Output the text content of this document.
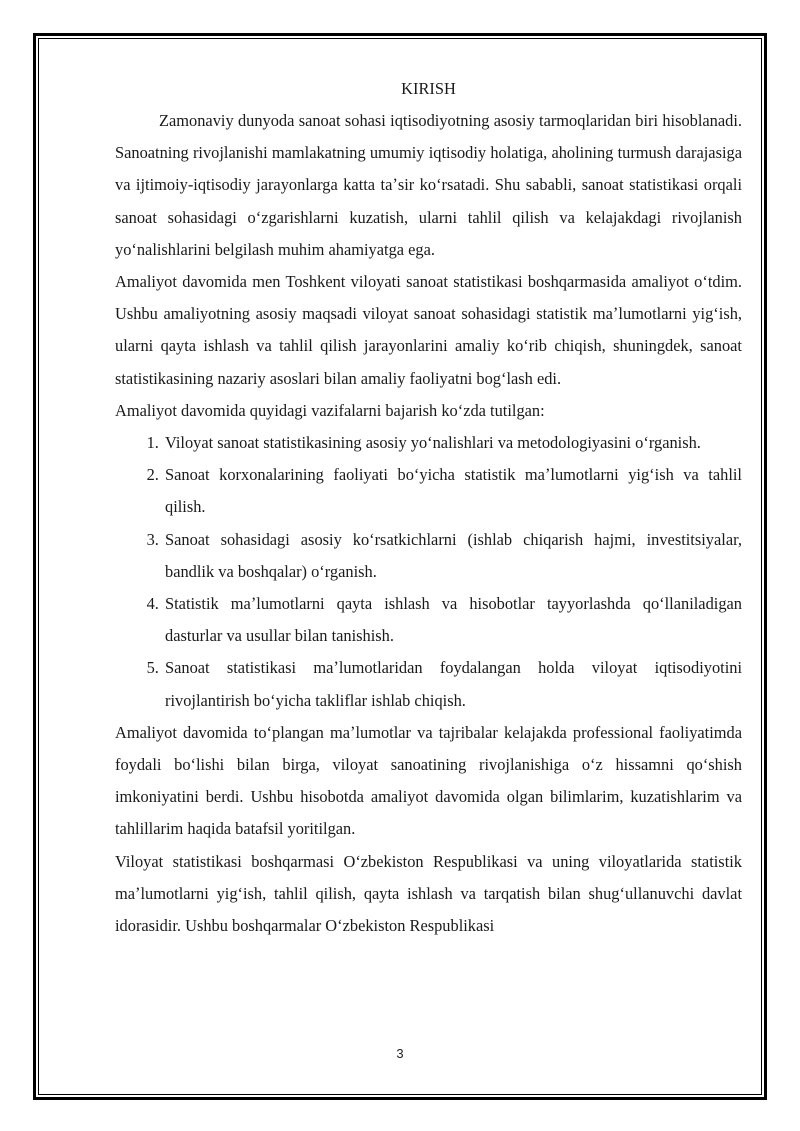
KIRISH

Zamonaviy dunyoda sanoat sohasi iqtisodiyotning asosiy tarmoqlaridan biri hisoblanadi. Sanoatning rivojlanishi mamlakatning umumiy iqtisodiy holatiga, aholining turmush darajasiga va ijtimoiy-iqtisodiy jarayonlarga katta taʼsir koʻrsatadi. Shu sababli, sanoat statistikasi orqali sanoat sohasidagi oʻzgarishlarni kuzatish, ularni tahlil qilish va kelajakdagi rivojlanish yoʻnalishlarini belgilash muhim ahamiyatga ega.

Amaliyot davomida men Toshkent viloyati sanoat statistikasi boshqarmasida amaliyot oʻtdim. Ushbu amaliyotning asosiy maqsadi viloyat sanoat sohasidagi statistik maʼlumotlarni yigʻish, ularni qayta ishlash va tahlil qilish jarayonlarini amaliy koʻrib chiqish, shuningdek, sanoat statistikasining nazariy asoslari bilan amaliy faoliyatni bogʻlash edi.

Amaliyot davomida quyidagi vazifalarni bajarish koʻzda tutilgan:

1. Viloyat sanoat statistikasining asosiy yoʻnalishlari va metodologiyasini oʻrganish.
2. Sanoat korxonalarining faoliyati boʻyicha statistik maʼlumotlarni yigʻish va tahlil qilish.
3. Sanoat sohasidagi asosiy koʻrsatkichlarni (ishlab chiqarish hajmi, investitsiyalar, bandlik va boshqalar) oʻrganish.
4. Statistik maʼlumotlarni qayta ishlash va hisobotlar tayyorlashda qoʻllaniladigan dasturlar va usullar bilan tanishish.
5. Sanoat statistikasi maʼlumotlaridan foydalangan holda viloyat iqtisodiyotini rivojlantirish boʻyicha takliflar ishlab chiqish.

Amaliyot davomida toʻplangan maʼlumotlar va tajribalar kelajakda professional faoliyatimda foydali boʻlishi bilan birga, viloyat sanoatining rivojlanishiga oʻz hissamni qoʻshish imkoniyatini berdi. Ushbu hisobotda amaliyot davomida olgan bilimlarim, kuzatishlarim va tahlillarim haqida batafsil yoritilgan.

Viloyat statistikasi boshqarmasi Oʻzbekiston Respublikasi va uning viloyatlarida statistik maʼlumotlarni yigʻish, tahlil qilish, qayta ishlash va tarqatish bilan shugʻullanuvchi davlat idorasidir. Ushbu boshqarmalar Oʻzbekiston Respublikasi

3
